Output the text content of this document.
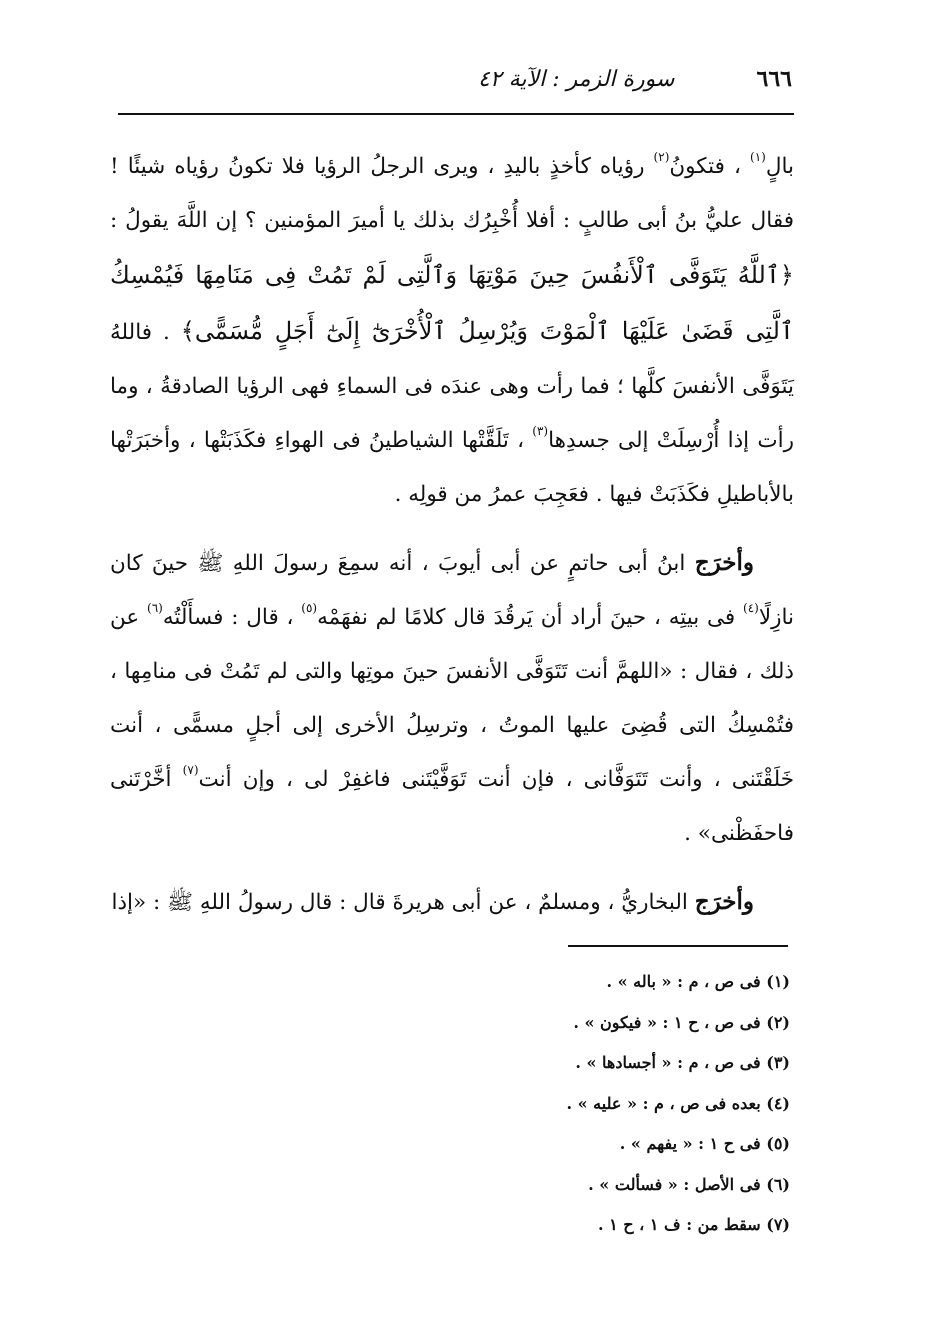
٦٦٦
سورة الزمر : الآية ٤٢

بالٍ$^{(١)}$ ، فتكونُ$^{(٢)}$ رؤياه كأخذٍ باليدِ ، ويرى الرجلُ الرؤيا فلا تكونُ رؤياه شيئًا ! فقال عليُّ بنُ أبى طالبٍ : أفلا أُخْبِرُك بذلك يا أميرَ المؤمنين ؟ إن اللَّهَ يقولُ : ﴿ٱللَّهُ يَتَوَفَّى ٱلْأَنفُسَ حِينَ مَوْتِهَا وَٱلَّتِى لَمْ تَمُتْ فِى مَنَامِهَا فَيُمْسِكُ ٱلَّتِى قَضَىٰ عَلَيْهَا ٱلْمَوْتَ وَيُرْسِلُ ٱلْأُخْرَىٰٓ إِلَىٰٓ أَجَلٍ مُّسَمًّى﴾ . فاللهُ يَتَوَفَّى الأنفسَ كلَّها ؛ فما رأت وهى عندَه فى السماءِ فهى الرؤيا الصادقةُ ، وما رأت إذا أُرْسِلَتْ إلى جسدِها$^{(٣)}$ ، تَلَقَّتْها الشياطينُ فى الهواءِ فكَذَبَتْها ، وأخبَرَتْها بالأباطيلِ فكَذَبَتْ فيها . فعَجِبَ عمرُ من قولِه .

وأخرَج ابنُ أبى حاتمٍ عن أبى أيوبَ ، أنه سمِعَ رسولَ اللهِ ﷺ حينَ كان نازِلًا$^{(٤)}$ فى بيتِه ، حينَ أراد أن يَرقُدَ قال كلامًا لم نفهَمْه$^{(٥)}$ ، قال : فسأَلْتُه$^{(٦)}$ عن ذلك ، فقال : «اللهمَّ أنت تَتَوَفَّى الأنفسَ حينَ موتِها والتى لم تَمُتْ فى منامِها ، فتُمْسِكُ التى قُضِىَ عليها الموتُ ، وترسِلُ الأخرى إلى أجلٍ مسمًّى ، أنت خَلَقْتَنى ، وأنت تَتَوَفَّانى ، فإن أنت تَوَفَّيْتَنى فاغفِرْ لى ، وإن أنت$^{(٧)}$ أخَّرْتَنى فاحفَظْنى» .

وأخرَج البخاريُّ ، ومسلمٌ ، عن أبى هريرةَ قال : قال رسولُ اللهِ ﷺ : «إذا

(١) فى ص ، م : « باله » .
(٢) فى ص ، ح ١ : « فيكون » .
(٣) فى ص ، م : « أجسادها » .
(٤) بعده فى ص ، م : « عليه » .
(٥) فى ح ١ : « يفهم » .
(٦) فى الأصل : « فسألت » .
(٧) سقط من : ف ١ ، ح ١ .
